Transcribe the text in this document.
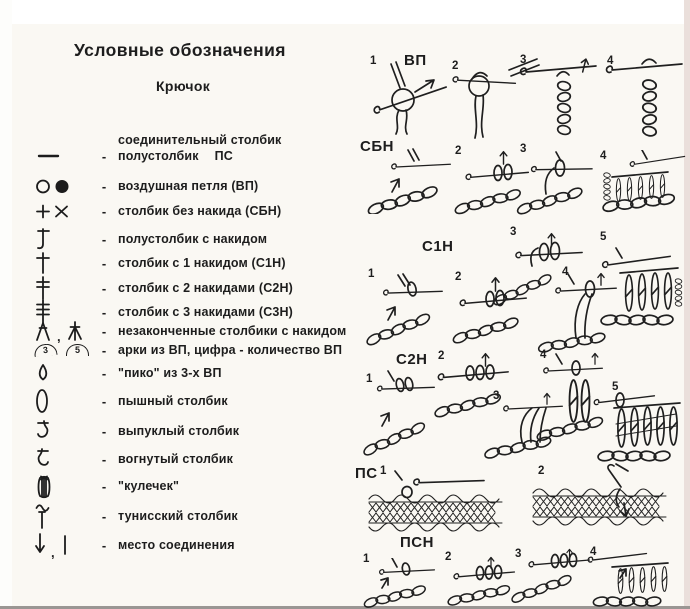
Условные обозначения
Крючок
-
соединительный столбик
полустолбик ПС
- воздушная петля (ВП)
- столбик без накида (СБН)
- полустолбик с накидом
- столбик с 1 накидом (С1Н)
- столбик с 2 накидами (С2Н)
- столбик с 3 накидами (С3Н)
,	- незаконченные столбики с накидом
3	5	- арки из ВП, цифра - количество ВП
- "пико" из 3-х ВП
- пышный столбик
- выпуклый столбик
- вогнутый столбик
- "кулечек"
- тунисский столбик
,	- место соединения
1 ВП 2	3	4
СБН	2	3
4
С1Н
1	2
3
4
5
С2Н
1
2
3
4
5
ПС 1	2
ПСН
1	2	3	4
